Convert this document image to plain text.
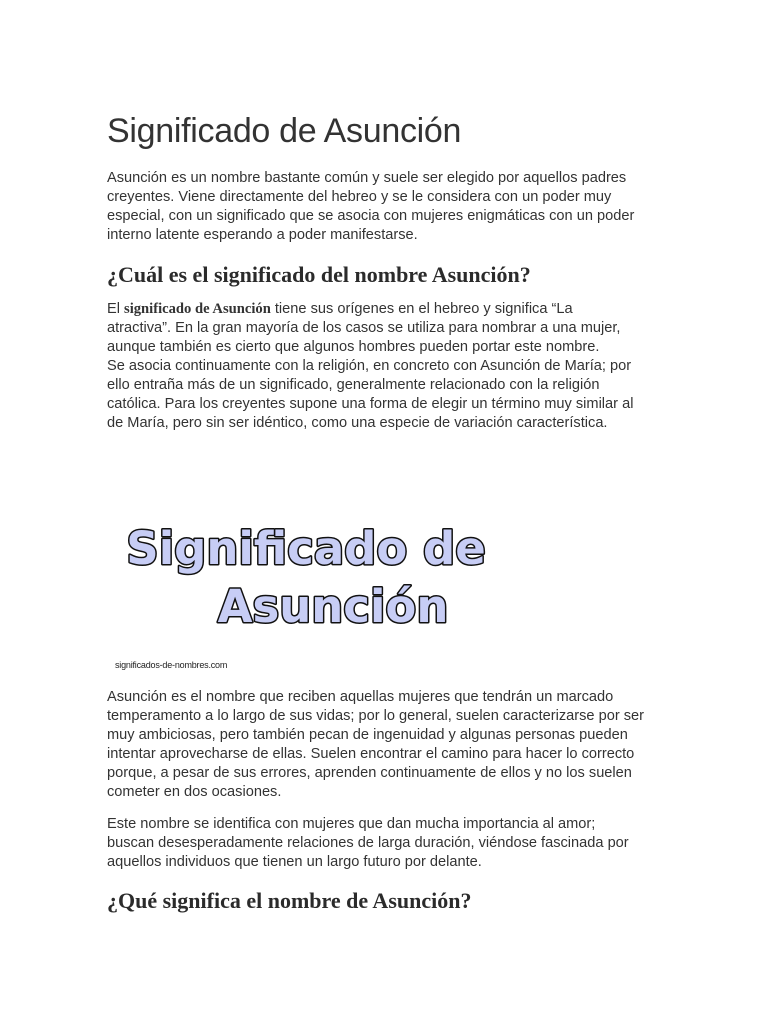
Significado de Asunción

Asunción es un nombre bastante común y suele ser elegido por aquellos padres
creyentes. Viene directamente del hebreo y se le considera con un poder muy
especial, con un significado que se asocia con mujeres enigmáticas con un poder
interno latente esperando a poder manifestarse.

¿Cuál es el significado del nombre Asunción?

El significado de Asunción tiene sus orígenes en el hebreo y significa “La
atractiva”. En la gran mayoría de los casos se utiliza para nombrar a una mujer,
aunque también es cierto que algunos hombres pueden portar este nombre.
Se asocia continuamente con la religión, en concreto con Asunción de María; por
ello entraña más de un significado, generalmente relacionado con la religión
católica. Para los creyentes supone una forma de elegir un término muy similar al
de María, pero sin ser idéntico, como una especie de variación característica.

Asunción es el nombre que reciben aquellas mujeres que tendrán un marcado
temperamento a lo largo de sus vidas; por lo general, suelen caracterizarse por ser
muy ambiciosas, pero también pecan de ingenuidad y algunas personas pueden
intentar aprovecharse de ellas. Suelen encontrar el camino para hacer lo correcto
porque, a pesar de sus errores, aprenden continuamente de ellos y no los suelen
cometer en dos ocasiones.

Este nombre se identifica con mujeres que dan mucha importancia al amor;
buscan desesperadamente relaciones de larga duración, viéndose fascinada por
aquellos individuos que tienen un largo futuro por delante.

¿Qué significa el nombre de Asunción?
Significado de
Asunción
significados-de-nombres.com
